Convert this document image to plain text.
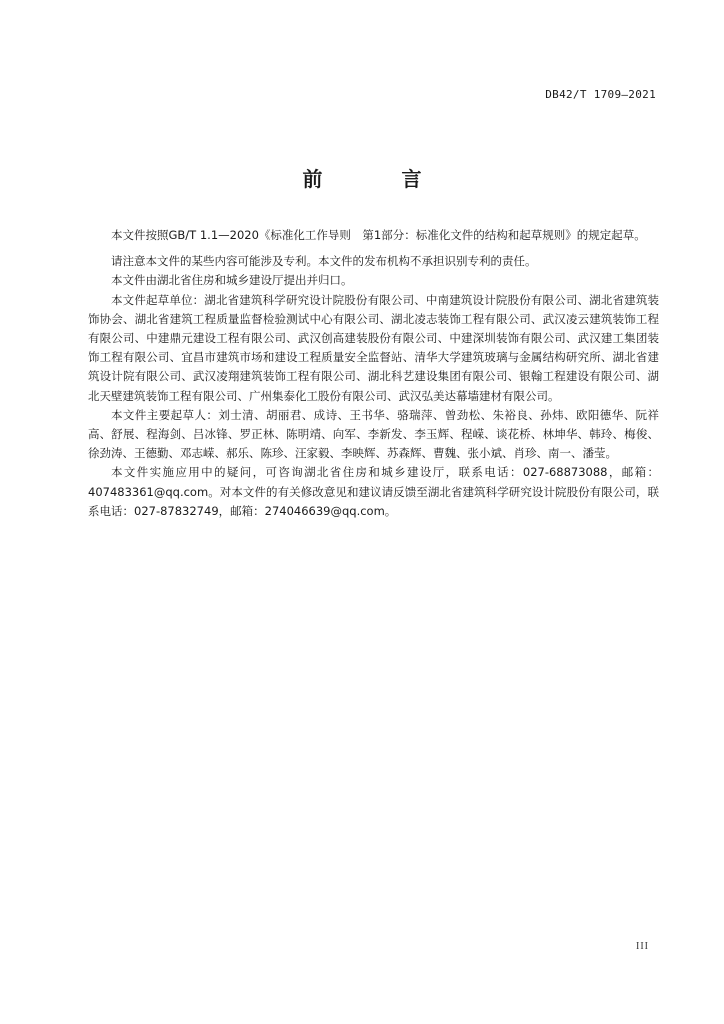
DB42/T 1709—2021
前 言

本文件按照GB/T 1.1—2020《标准化工作导则　第1部分：标准化文件的结构和起草规则》的规定起草。

请注意本文件的某些内容可能涉及专利。本文件的发布机构不承担识别专利的责任。

本文件由湖北省住房和城乡建设厅提出并归口。

本文件起草单位：湖北省建筑科学研究设计院股份有限公司、中南建筑设计院股份有限公司、湖北省建筑装饰协会、湖北省建筑工程质量监督检验测试中心有限公司、湖北凌志装饰工程有限公司、武汉凌云建筑装饰工程有限公司、中建鼎元建设工程有限公司、武汉创高建装股份有限公司、中建深圳装饰有限公司、武汉建工集团装饰工程有限公司、宜昌市建筑市场和建设工程质量安全监督站、清华大学建筑玻璃与金属结构研究所、湖北省建筑设计院有限公司、武汉凌翔建筑装饰工程有限公司、湖北科艺建设集团有限公司、银翰工程建设有限公司、湖北天壁建筑装饰工程有限公司、广州集泰化工股份有限公司、武汉弘美达幕墙建材有限公司。

本文件主要起草人：刘士清、胡丽君、成诗、王书华、骆瑞萍、曾劲松、朱裕良、孙炜、欧阳德华、阮祥高、舒展、程海剑、吕冰锋、罗正林、陈明靖、向军、李新发、李玉辉、程嵘、谈花桥、林坤华、韩玲、梅俊、徐劲涛、王德勤、邓志嵘、郝乐、陈珍、汪家毅、李映辉、苏森辉、曹魏、张小斌、肖珍、南一、潘莹。

本文件实施应用中的疑问，可咨询湖北省住房和城乡建设厅，联系电话：027-68873088，邮箱：407483361@qq.com。对本文件的有关修改意见和建议请反馈至湖北省建筑科学研究设计院股份有限公司，联系电话：027-87832749，邮箱：274046639@qq.com。

III
